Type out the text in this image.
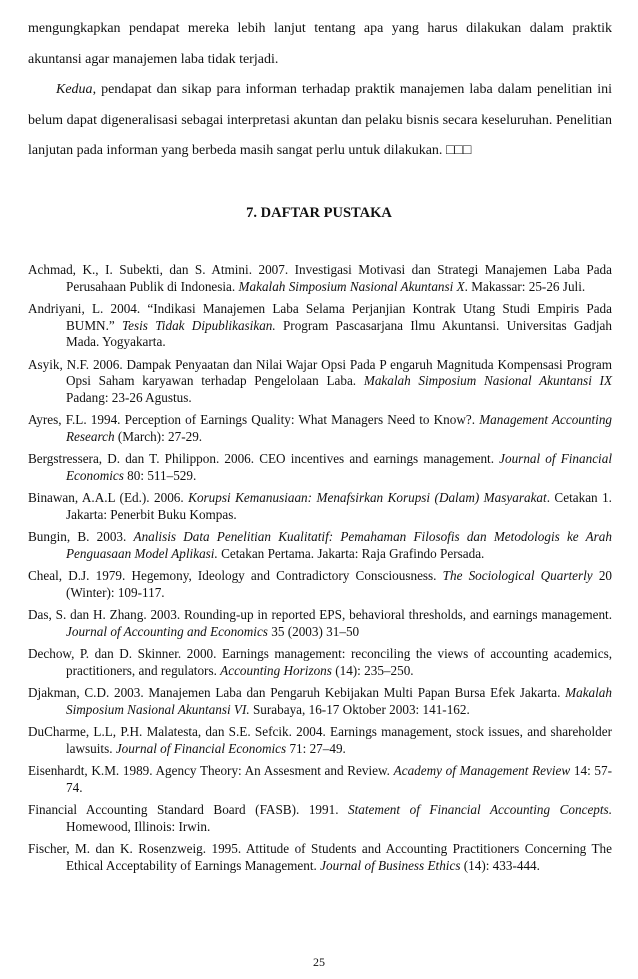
mengungkapkan pendapat mereka lebih lanjut tentang apa yang harus dilakukan dalam praktik akuntansi agar manajemen laba tidak terjadi.

Kedua, pendapat dan sikap para informan terhadap praktik manajemen laba dalam penelitian ini belum dapat digeneralisasi sebagai interpretasi akuntan dan pelaku bisnis secara keseluruhan. Penelitian lanjutan pada informan yang berbeda masih sangat perlu untuk dilakukan. □□□

7. DAFTAR PUSTAKA
Achmad, K., I. Subekti, dan S. Atmini. 2007. Investigasi Motivasi dan Strategi Manajemen Laba Pada Perusahaan Publik di Indonesia. Makalah Simposium Nasional Akuntansi X. Makassar: 25-26 Juli.
Andriyani, L. 2004. “Indikasi Manajemen Laba Selama Perjanjian Kontrak Utang Studi Empiris Pada BUMN.” Tesis Tidak Dipublikasikan. Program Pascasarjana Ilmu Akuntansi. Universitas Gadjah Mada. Yogyakarta.
Asyik, N.F. 2006. Dampak Penyaatan dan Nilai Wajar Opsi Pada P engaruh Magnituda Kompensasi Program Opsi Saham karyawan terhadap Pengelolaan Laba. Makalah Simposium Nasional Akuntansi IX Padang: 23-26 Agustus.
Ayres, F.L. 1994. Perception of Earnings Quality: What Managers Need to Know?. Management Accounting Research (March): 27-29.
Bergstressera, D. dan T. Philippon. 2006. CEO incentives and earnings management. Journal of Financial Economics 80: 511–529.
Binawan, A.A.L (Ed.). 2006. Korupsi Kemanusiaan: Menafsirkan Korupsi (Dalam) Masyarakat. Cetakan 1. Jakarta: Penerbit Buku Kompas.
Bungin, B. 2003. Analisis Data Penelitian Kualitatif: Pemahaman Filosofis dan Metodologis ke Arah Penguasaan Model Aplikasi. Cetakan Pertama. Jakarta: Raja Grafindo Persada.
Cheal, D.J. 1979. Hegemony, Ideology and Contradictory Consciousness. The Sociological Quarterly 20 (Winter): 109-117.
Das, S. dan H. Zhang. 2003. Rounding-up in reported EPS, behavioral thresholds, and earnings management. Journal of Accounting and Economics 35 (2003) 31–50
Dechow, P. dan D. Skinner. 2000. Earnings management: reconciling the views of accounting academics, practitioners, and regulators. Accounting Horizons (14): 235–250.
Djakman, C.D. 2003. Manajemen Laba dan Pengaruh Kebijakan Multi Papan Bursa Efek Jakarta. Makalah Simposium Nasional Akuntansi VI. Surabaya, 16-17 Oktober 2003: 141-162.
DuCharme, L.L, P.H. Malatesta, dan S.E. Sefcik. 2004. Earnings management, stock issues, and shareholder lawsuits. Journal of Financial Economics 71: 27–49.
Eisenhardt, K.M. 1989. Agency Theory: An Assesment and Review. Academy of Management Review 14: 57-74.
Financial Accounting Standard Board (FASB). 1991. Statement of Financial Accounting Concepts. Homewood, Illinois: Irwin.
Fischer, M. dan K. Rosenzweig. 1995. Attitude of Students and Accounting Practitioners Concerning The Ethical Acceptability of Earnings Management. Journal of Business Ethics (14): 433-444.
25
